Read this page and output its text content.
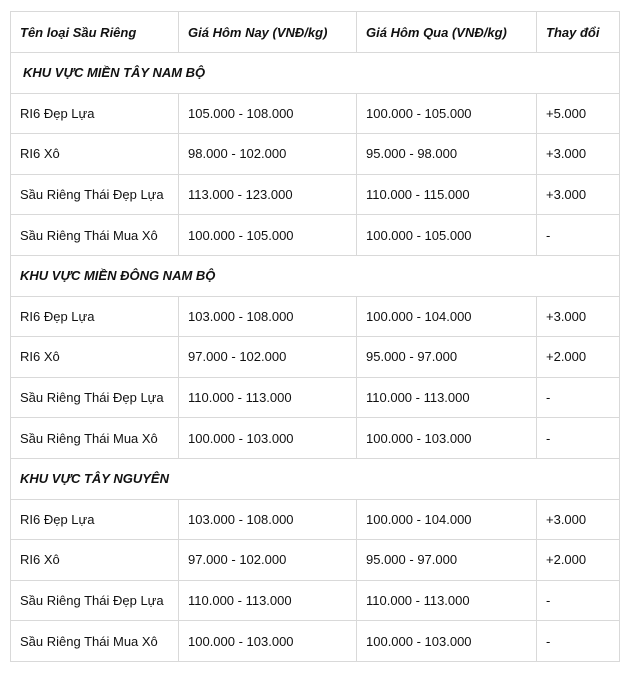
Tên loại Sầu Riêng	Giá Hôm Nay (VNĐ/kg)	Giá Hôm Qua (VNĐ/kg)	Thay đổi
KHU VỰC MIỀN TÂY NAM BỘ			
RI6 Đẹp Lựa	105.000 - 108.000	100.000 - 105.000	+5.000
RI6 Xô	98.000 - 102.000	95.000 - 98.000	+3.000
Sầu Riêng Thái Đẹp Lựa	113.000 - 123.000	110.000 - 115.000	+3.000
Sầu Riêng Thái Mua Xô	100.000 - 105.000	100.000 - 105.000	-
KHU VỰC MIỀN ĐÔNG NAM BỘ			
RI6 Đẹp Lựa	103.000 - 108.000	100.000 - 104.000	+3.000
RI6 Xô	97.000 - 102.000	95.000 - 97.000	+2.000
Sầu Riêng Thái Đẹp Lựa	110.000 - 113.000	110.000 - 113.000	-
Sầu Riêng Thái Mua Xô	100.000 - 103.000	100.000 - 103.000	-
KHU VỰC TÂY NGUYÊN			
RI6 Đẹp Lựa	103.000 - 108.000	100.000 - 104.000	+3.000
RI6 Xô	97.000 - 102.000	95.000 - 97.000	+2.000
Sầu Riêng Thái Đẹp Lựa	110.000 - 113.000	110.000 - 113.000	-
Sầu Riêng Thái Mua Xô	100.000 - 103.000	100.000 - 103.000	-
